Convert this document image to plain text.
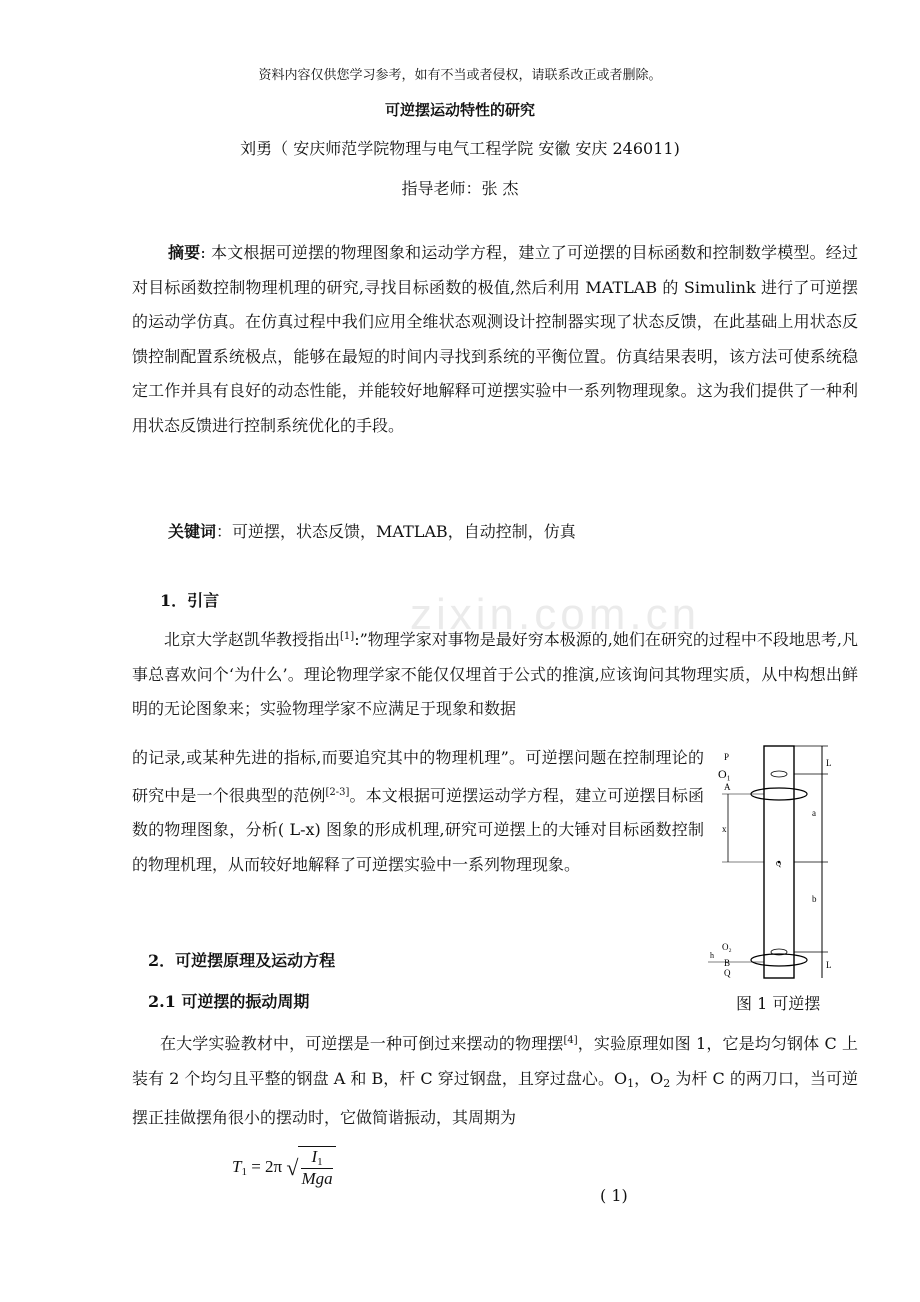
zixin.com.cn
资料内容仅供您学习参考，如有不当或者侵权，请联系改正或者删除。
可逆摆运动特性的研究
刘勇（ 安庆师范学院物理与电气工程学院 安徽 安庆 246011)
指导老师：张 杰
摘要: 本文根据可逆摆的物理图象和运动学方程，建立了可逆摆的目标函数和控制数学模型。经过对目标函数控制物理机理的研究,寻找目标函数的极值,然后利用 MATLAB 的 Simulink 进行了可逆摆的运动学仿真。在仿真过程中我们应用全维状态观测设计控制器实现了状态反馈，在此基础上用状态反馈控制配置系统极点，能够在最短的时间内寻找到系统的平衡位置。仿真结果表明，该方法可使系统稳定工作并具有良好的动态性能，并能较好地解释可逆摆实验中一系列物理现象。这为我们提供了一种利用状态反馈进行控制系统优化的手段。
关键词：可逆摆，状态反馈，MATLAB，自动控制，仿真
1．引言
北京大学赵凯华教授指出[1]:”物理学家对事物是最好穷本极源的,她们在研究的过程中不段地思考,凡事总喜欢问个‘为什么’。理论物理学家不能仅仅埋首于公式的推演,应该询问其物理实质，从中构想出鲜明的无论图象来；实验物理学家不应满足于现象和数据
的记录,或某种先进的指标,而要追究其中的物理机理”。可逆摆问题在控制理论的研究中是一个很典型的范例[2-3]。本文根据可逆摆运动学方程，建立可逆摆目标函数的物理图象，分析( L-x) 图象的形成机理,研究可逆摆上的大锤对目标函数控制的物理机理，从而较好地解释了可逆摆实验中一系列物理现象。
P
O₁
A
x
Q
O₂
h
B
Q
L
a
b
L
图 1 可逆摆
2．可逆摆原理及运动方程
2.1 可逆摆的振动周期
在大学实验教材中，可逆摆是一种可倒过来摆动的物理摆[4]，实验原理如图 1，它是均匀钢体 C 上装有 2 个均匀且平整的钢盘 A 和 B，杆 C 穿过钢盘，且穿过盘心。$O_1$，$O_2$ 为杆 C 的两刀口，当可逆摆正挂做摆角很小的摆动时，它做简谐振动，其周期为
$T_1 = 2\pi$ √ $I_1$
Mga
( 1)
